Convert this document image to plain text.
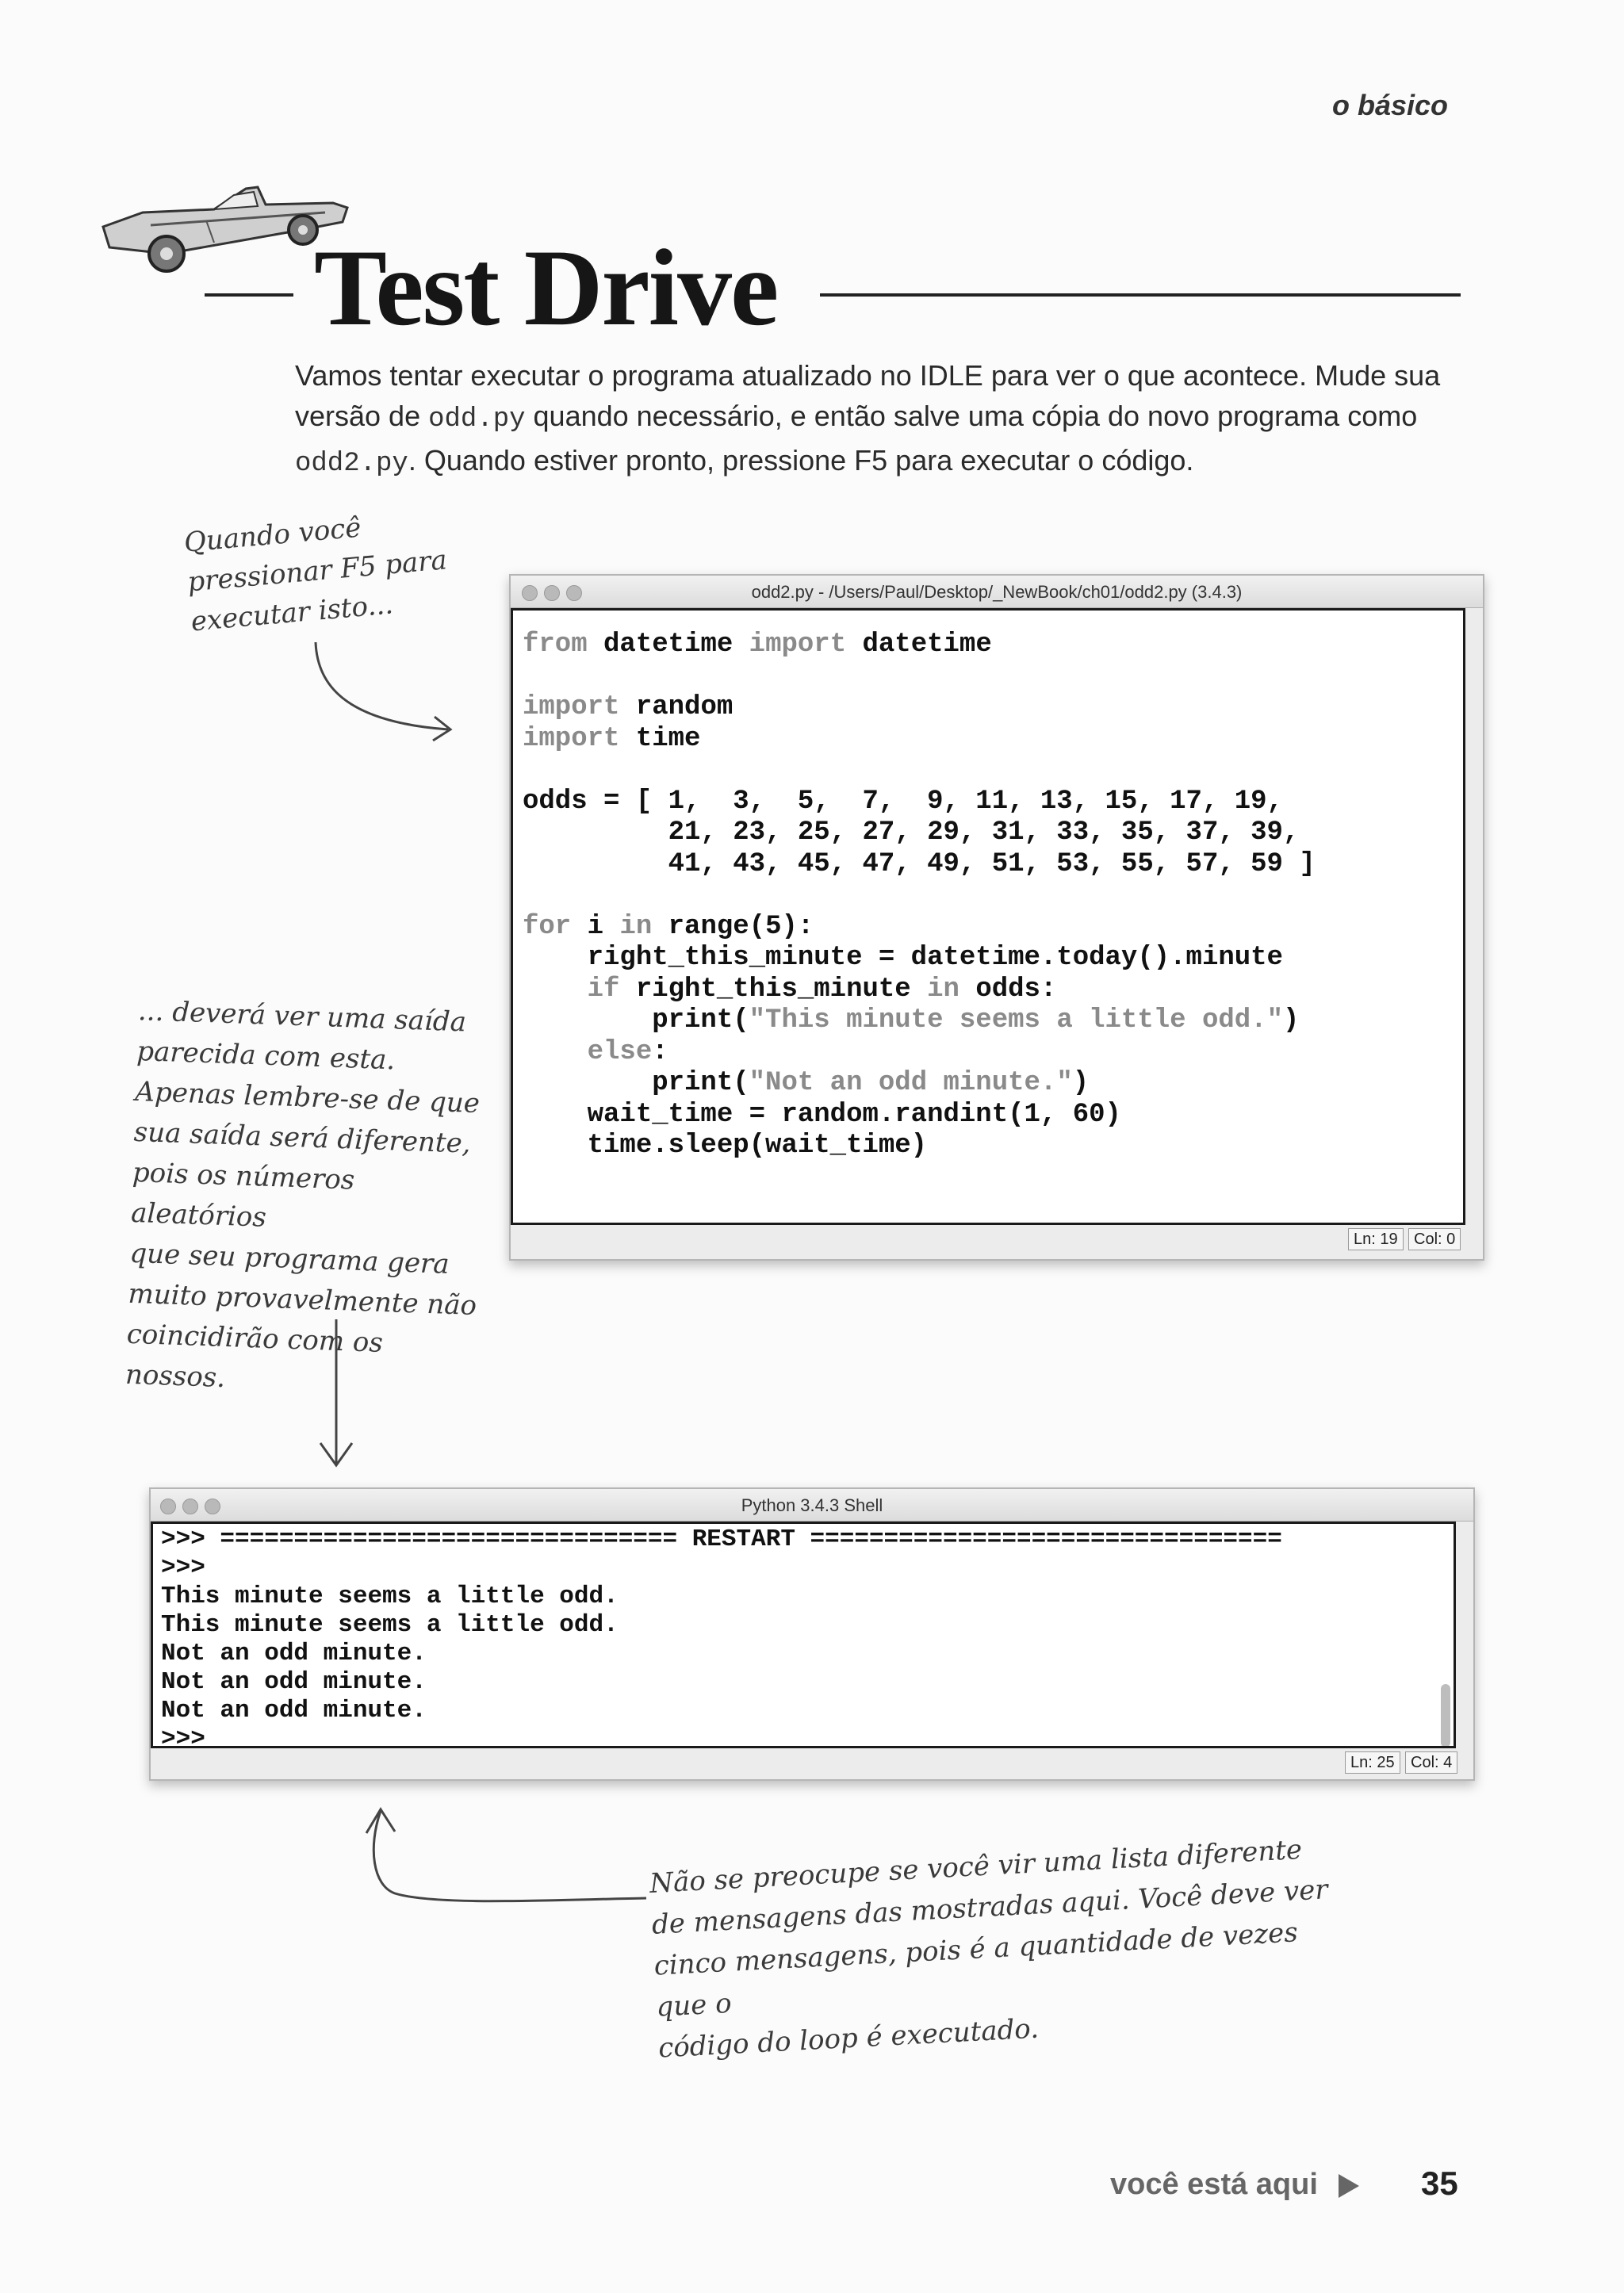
o básico
Test Drive
Vamos tentar executar o programa atualizado no IDLE para ver o que acontece. Mude sua versão de odd.py quando necessário, e então salve uma cópia do novo programa como odd2.py. Quando estiver pronto, pressione F5 para executar o código.
Quando você
pressionar F5 para
executar isto...	odd2.py - /Users/Paul/Desktop/_NewBook/ch01/odd2.py (3.4.3)
from datetime import datetime

import random
import time

odds = [ 1,  3,  5,  7,  9, 11, 13, 15, 17, 19,
21, 23, 25, 27, 29, 31, 33, 35, 37, 39,
41, 43, 45, 47, 49, 51, 53, 55, 57, 59 ]

for i in range(5):
right_this_minute = datetime.today().minute
if right_this_minute in odds:
print("This minute seems a little odd.")
else:
print("Not an odd minute.")
wait_time = random.randint(1, 60)
time.sleep(wait_time)
Ln: 19	Col: 0
... deverá ver uma saída
parecida com esta.
Apenas lembre-se de que
sua saída será diferente,
pois os números aleatórios
que seu programa gera
muito provavelmente não
coincidirão com os nossos.
Python 3.4.3 Shell
>>> =============================== RESTART ================================
>>>
This minute seems a little odd.
This minute seems a little odd.
Not an odd minute.
Not an odd minute.
Not an odd minute.
>>>
Ln: 25	Col: 4
Não se preocupe se você vir uma lista diferente
de mensagens das mostradas aqui. Você deve ver
cinco mensagens, pois é a quantidade de vezes que o
código do loop é executado.
você está aqui	35
